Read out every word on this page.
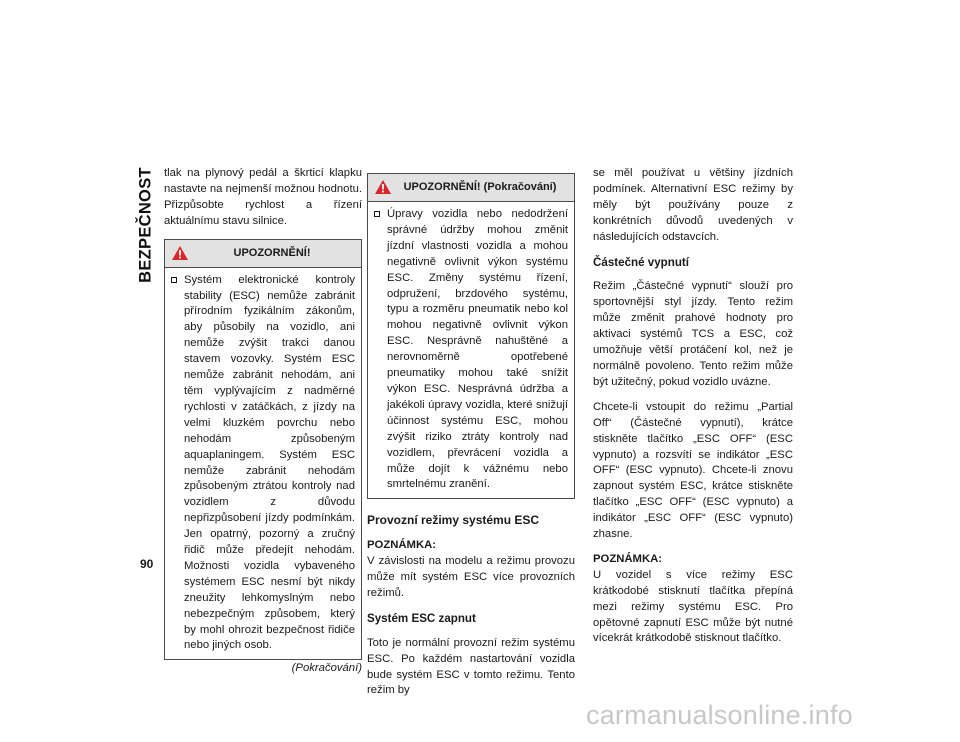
BEZPEČNOST
90

tlak na plynový pedál a škrticí klapku nastavte na nejmenší možnou hodnotu. Přizpůsobte rychlost a řízení aktuálnímu stavu silnice.

UPOZORNĚNÍ!
Systém elektronické kontroly stability (ESC) nemůže zabránit přírodním fyzikálním zákonům, aby působily na vozidlo, ani nemůže zvýšit trakci danou stavem vozovky. Systém ESC nemůže zabránit nehodám, ani těm vyplývajícím z nadměrné rychlosti v zatáčkách, z jízdy na velmi kluzkém povrchu nebo nehodám způsobeným aquaplaningem. Systém ESC nemůže zabránit nehodám způsobeným ztrátou kontroly nad vozidlem z důvodu nepřizpůsobení jízdy podmínkám. Jen opatrný, pozorný a zručný řidič může předejít nehodám. Možnosti vozidla vybaveného systémem ESC nesmí být nikdy zneužity lehkomyslným nebo nebezpečným způsobem, který by mohl ohrozit bezpečnost řidiče nebo jiných osob.
(Pokračování)
UPOZORNĚNÍ! (Pokračování)
Úpravy vozidla nebo nedodržení správné údržby mohou změnit jízdní vlastnosti vozidla a mohou negativně ovlivnit výkon systému ESC. Změny systému řízení, odpružení, brzdového systému, typu a rozměru pneumatik nebo kol mohou negativně ovlivnit výkon ESC. Nesprávně nahuštěné a nerovnoměrně opotřebené pneumatiky mohou také snížit výkon ESC. Nesprávná údržba a jakékoli úpravy vozidla, které snižují účinnost systému ESC, mohou zvýšit riziko ztráty kontroly nad vozidlem, převrácení vozidla a může dojít k vážnému nebo smrtelnému zranění.
Provozní režimy systému ESC

POZNÁMKA:
V závislosti na modelu a režimu provozu může mít systém ESC více provozních režimů.

Systém ESC zapnut

Toto je normální provozní režim systému ESC. Po každém nastartování vozidla bude systém ESC v tomto režimu. Tento režim by

se měl používat u většiny jízdních podmínek. Alternativní ESC režimy by měly být používány pouze z konkrétních důvodů uvedených v následujících odstavcích.

Částečné vypnutí

Režim „Částečné vypnutí“ slouží pro sportovnější styl jízdy. Tento režim může změnit prahové hodnoty pro aktivaci systémů TCS a ESC, což umožňuje větší protáčení kol, než je normálně povoleno. Tento režim může být užitečný, pokud vozidlo uvázne.

Chcete-li vstoupit do režimu „Partial Off“ (Částečné vypnutí), krátce stiskněte tlačítko „ESC OFF“ (ESC vypnuto) a rozsvítí se indikátor „ESC OFF“ (ESC vypnuto). Chcete-li znovu zapnout systém ESC, krátce stiskněte tlačítko „ESC OFF“ (ESC vypnuto) a indikátor „ESC OFF“ (ESC vypnuto) zhasne.

POZNÁMKA:
U vozidel s více režimy ESC krátkodobé stisknutí tlačítka přepíná mezi režimy systému ESC. Pro opětovné zapnutí ESC může být nutné vícekrát krátkodobě stisknout tlačítko.

carmanualsonline.info
